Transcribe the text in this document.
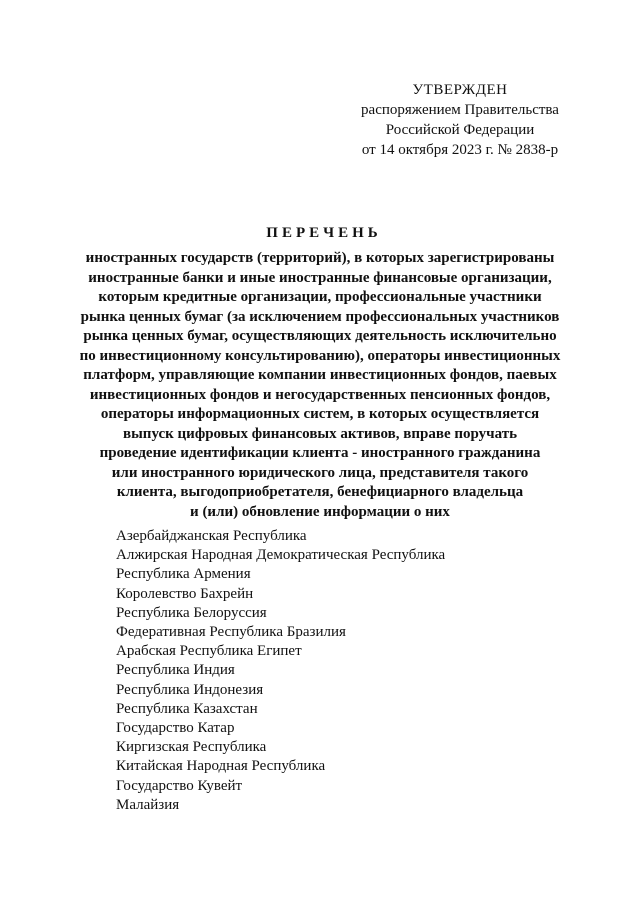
УТВЕРЖДЕН
распоряжением Правительства
Российской Федерации
от 14 октября 2023 г. № 2838-р
ПЕРЕЧЕНЬ
иностранных государств (территорий), в которых зарегистрированы
иностранные банки и иные иностранные финансовые организации,
которым кредитные организации, профессиональные участники
рынка ценных бумаг (за исключением профессиональных участников
рынка ценных бумаг, осуществляющих деятельность исключительно
по инвестиционному консультированию), операторы инвестиционных
платформ, управляющие компании инвестиционных фондов, паевых
инвестиционных фондов и негосударственных пенсионных фондов,
операторы информационных систем, в которых осуществляется
выпуск цифровых финансовых активов, вправе поручать
проведение идентификации клиента - иностранного гражданина
или иностранного юридического лица, представителя такого
клиента, выгодоприобретателя, бенефициарного владельца
и (или) обновление информации о них
Азербайджанская Республика
Алжирская Народная Демократическая Республика
Республика Армения
Королевство Бахрейн
Республика Белоруссия
Федеративная Республика Бразилия
Арабская Республика Египет
Республика Индия
Республика Индонезия
Республика Казахстан
Государство Катар
Киргизская Республика
Китайская Народная Республика
Государство Кувейт
Малайзия
